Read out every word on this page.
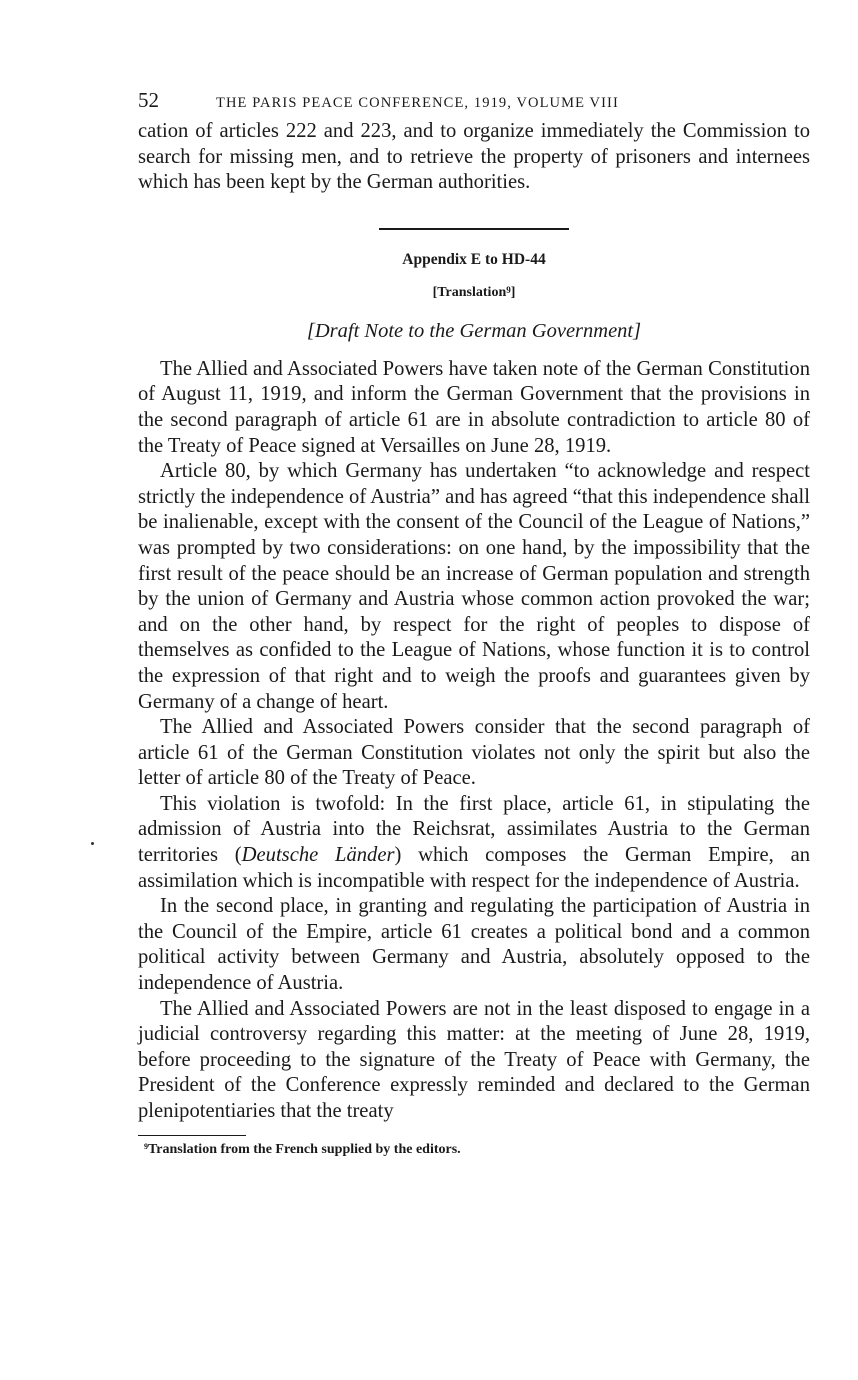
52	THE PARIS PEACE CONFERENCE, 1919, VOLUME VIII

cation of articles 222 and 223, and to organize immediately the Commission to search for missing men, and to retrieve the property of prisoners and internees which has been kept by the German authorities.

Appendix E to HD-44
[Translation$^9$]
[Draft Note to the German Government]

The Allied and Associated Powers have taken note of the German Constitution of August 11, 1919, and inform the German Government that the provisions in the second paragraph of article 61 are in absolute contradiction to article 80 of the Treaty of Peace signed at Versailles on June 28, 1919.

Article 80, by which Germany has undertaken “to acknowledge and respect strictly the independence of Austria” and has agreed “that this independence shall be inalienable, except with the consent of the Council of the League of Nations,” was prompted by two considerations: on one hand, by the impossibility that the first result of the peace should be an increase of German population and strength by the union of Germany and Austria whose common action provoked the war; and on the other hand, by respect for the right of peoples to dispose of themselves as confided to the League of Nations, whose function it is to control the expression of that right and to weigh the proofs and guarantees given by Germany of a change of heart.

The Allied and Associated Powers consider that the second paragraph of article 61 of the German Constitution violates not only the spirit but also the letter of article 80 of the Treaty of Peace.

This violation is twofold: In the first place, article 61, in stipulating the admission of Austria into the Reichsrat, assimilates Austria to the German territories (Deutsche Länder) which composes the German Empire, an assimilation which is incompatible with respect for the independence of Austria.

In the second place, in granting and regulating the participation of Austria in the Council of the Empire, article 61 creates a political bond and a common political activity between Germany and Austria, absolutely opposed to the independence of Austria.

The Allied and Associated Powers are not in the least disposed to engage in a judicial controversy regarding this matter: at the meeting of June 28, 1919, before proceeding to the signature of the Treaty of Peace with Germany, the President of the Conference expressly reminded and declared to the German plenipotentiaries that the treaty

$^9$Translation from the French supplied by the editors.
